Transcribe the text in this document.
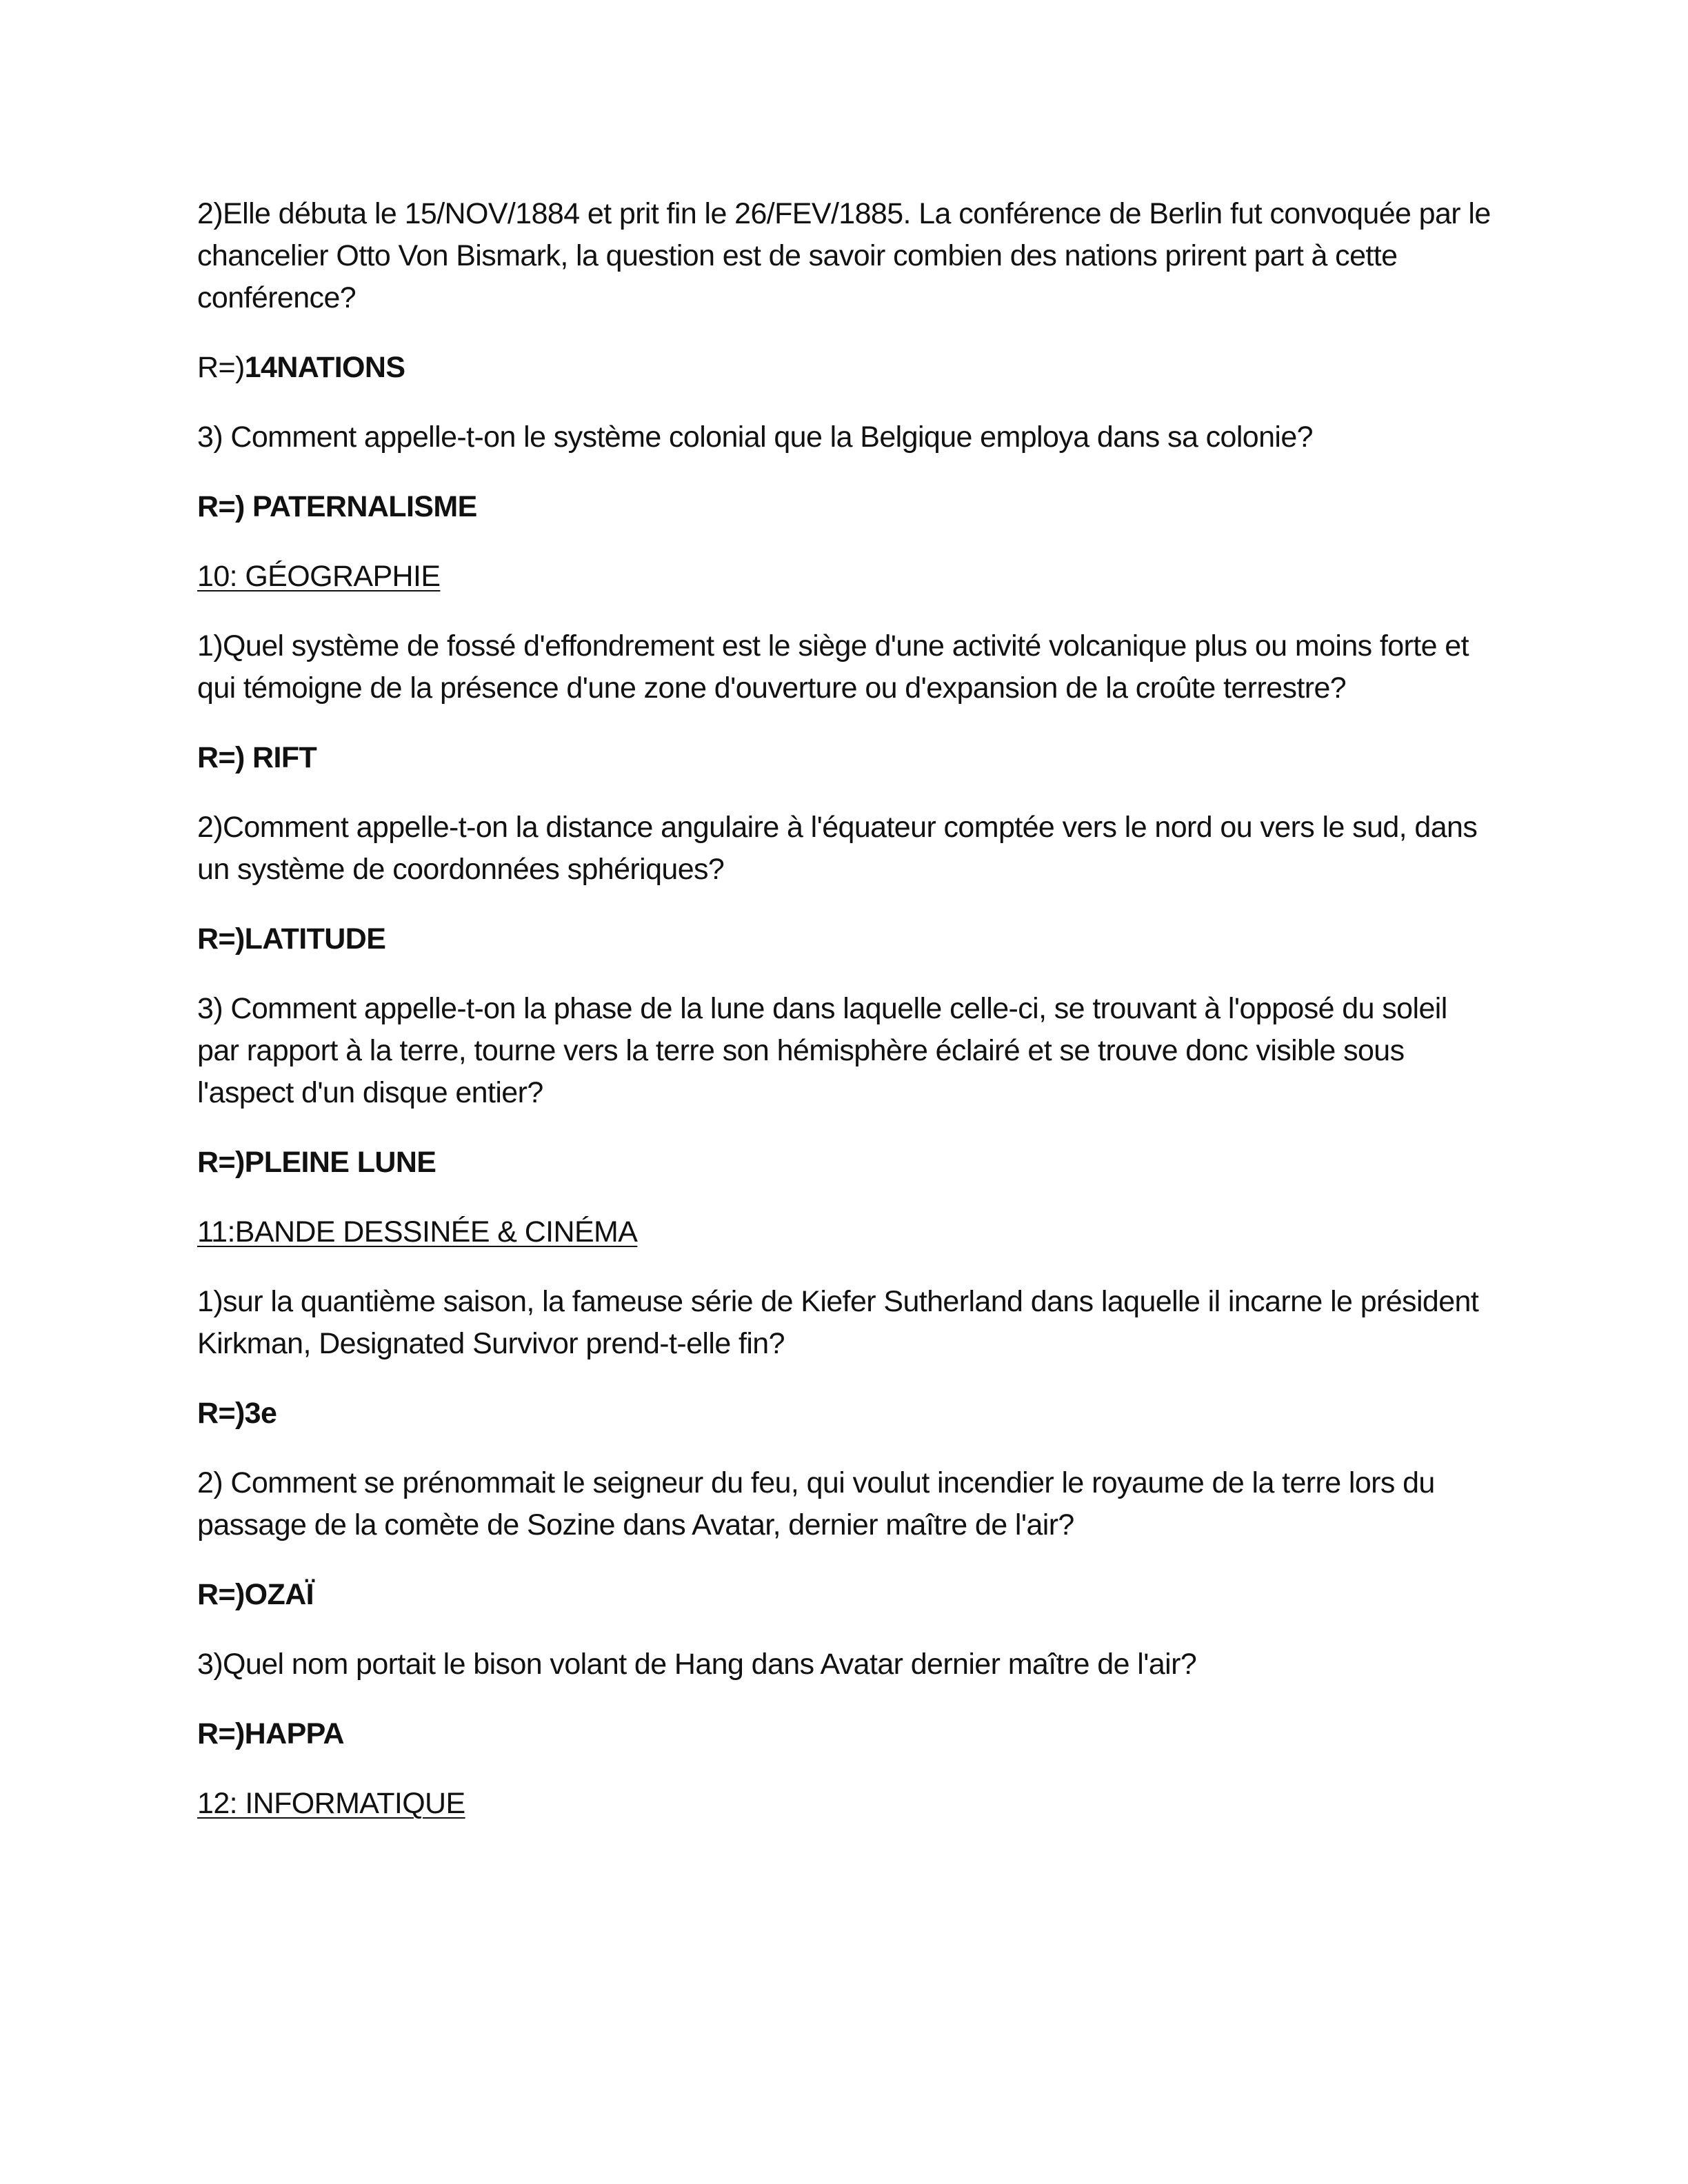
2)Elle débuta le 15/NOV/1884 et prit fin le 26/FEV/1885. La conférence de Berlin fut convoquée par le chancelier Otto Von Bismark, la question est de savoir combien des nations prirent part à cette conférence?

R=)14NATIONS

3) Comment appelle-t-on le système colonial que la Belgique employa dans sa colonie?

R=) PATERNALISME

10: GÉOGRAPHIE

1)Quel système de fossé d'effondrement est le siège d'une activité volcanique plus ou moins forte et qui témoigne de la présence d'une zone d'ouverture ou d'expansion de la croûte terrestre?

R=) RIFT

2)Comment appelle-t-on la distance angulaire à l'équateur comptée vers le nord ou vers le sud, dans un système de coordonnées sphériques?

R=)LATITUDE

3) Comment appelle-t-on la phase de la lune dans laquelle celle-ci, se trouvant à l'opposé du soleil par rapport à la terre, tourne vers la terre son hémisphère éclairé et se trouve donc visible sous l'aspect d'un disque entier?

R=)PLEINE LUNE

11:BANDE DESSINÉE & CINÉMA

1)sur la quantième saison, la fameuse série de Kiefer Sutherland dans laquelle il incarne le président Kirkman, Designated Survivor prend-t-elle fin?

R=)3e

2) Comment se prénommait le seigneur du feu, qui voulut incendier le royaume de la terre lors du passage de la comète de Sozine dans Avatar, dernier maître de l'air?

R=)OZAÏ

3)Quel nom portait le bison volant de Hang dans Avatar dernier maître de l'air?

R=)HAPPA

12: INFORMATIQUE
